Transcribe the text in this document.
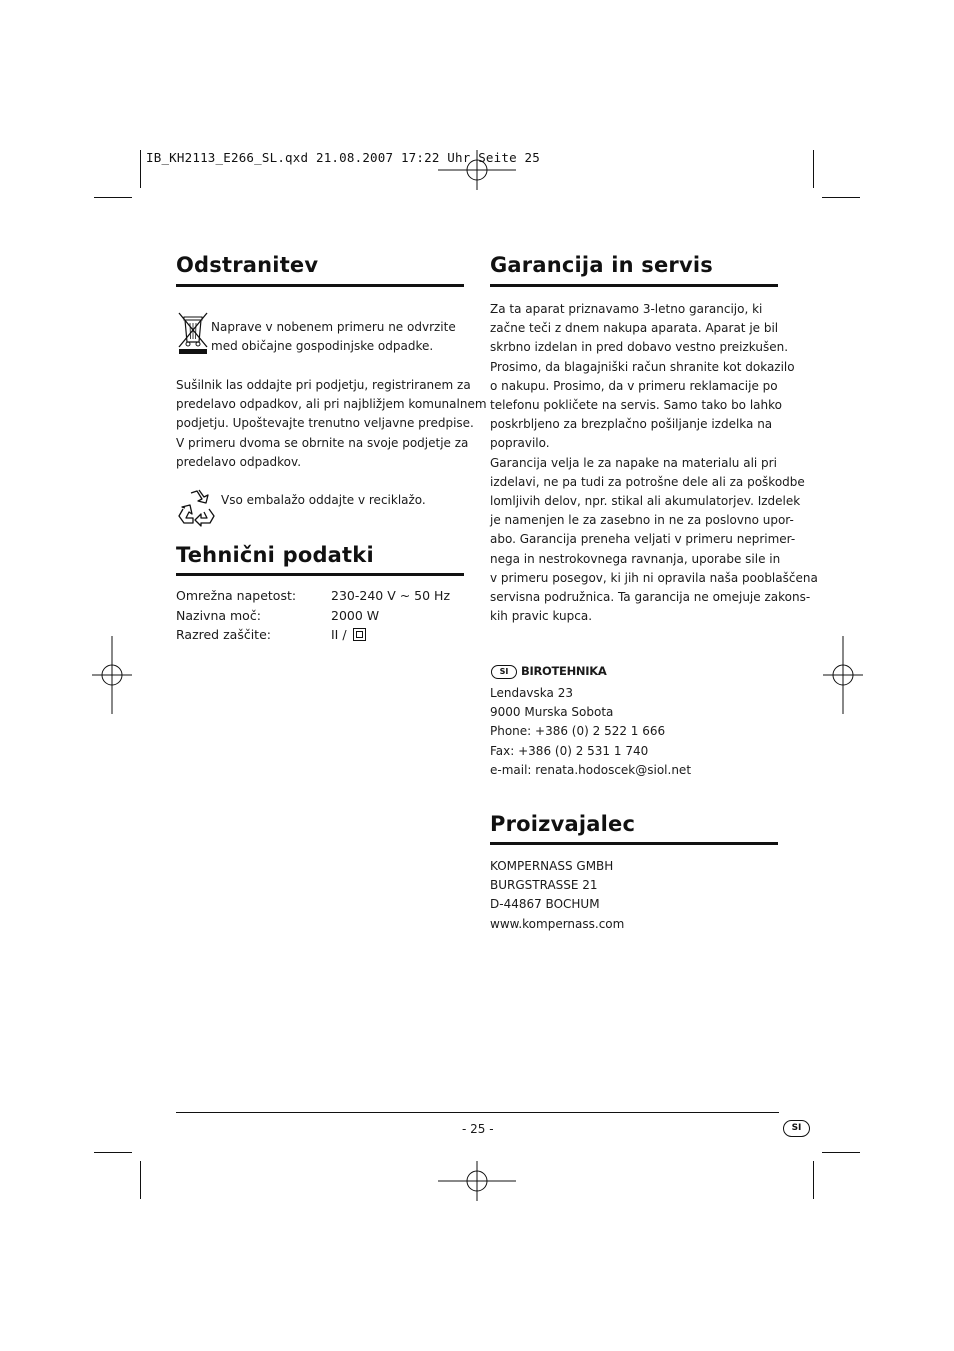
IB_KH2113_E266_SL.qxd 21.08.2007 17:22 Uhr Seite 25
Odstranitev
Naprave v nobenem primeru ne odvrzite
med običajne gospodinjske odpadke.
Sušilnik las oddajte pri podjetju, registriranem za
predelavo odpadkov, ali pri najbližjem komunalnem
podjetju. Upoštevajte trenutno veljavne predpise.
V primeru dvoma se obrnite na svoje podjetje za
predelavo odpadkov.
Vso embalažo oddajte v reciklažo.
Tehnični podatki
Omrežna napetost:	230-240 V ~ 50 Hz
Nazivna moč:	2000 W
Razred zaščite:	II /
Garancija in servis
Za ta aparat priznavamo 3-letno garancijo, ki
začne teči z dnem nakupa aparata. Aparat je bil
skrbno izdelan in pred dobavo vestno preizkušen.
Prosimo, da blagajniški račun shranite kot dokazilo
o nakupu. Prosimo, da v primeru reklamacije po
telefonu pokličete na servis. Samo tako bo lahko
poskrbljeno za brezplačno pošiljanje izdelka na
popravilo.
Garancija velja le za napake na materialu ali pri
izdelavi, ne pa tudi za potrošne dele ali za poškodbe
lomljivih delov, npr. stikal ali akumulatorjev. Izdelek
je namenjen le za zasebno in ne za poslovno upor-
abo. Garancija preneha veljati v primeru neprimer-
nega in nestrokovnega ravnanja, uporabe sile in
v primeru posegov, ki jih ni opravila naša pooblaščena
servisna podružnica. Ta garancija ne omejuje zakons-
kih pravic kupca.
SI	BIROTEHNIKA
Lendavska 23
9000 Murska Sobota
Phone: +386 (0) 2 522 1 666
Fax: +386 (0) 2 531 1 740
e-mail: renata.hodoscek@siol.net
Proizvajalec
KOMPERNASS GMBH
BURGSTRASSE 21
D-44867 BOCHUM
www.kompernass.com
- 25 -	SI
